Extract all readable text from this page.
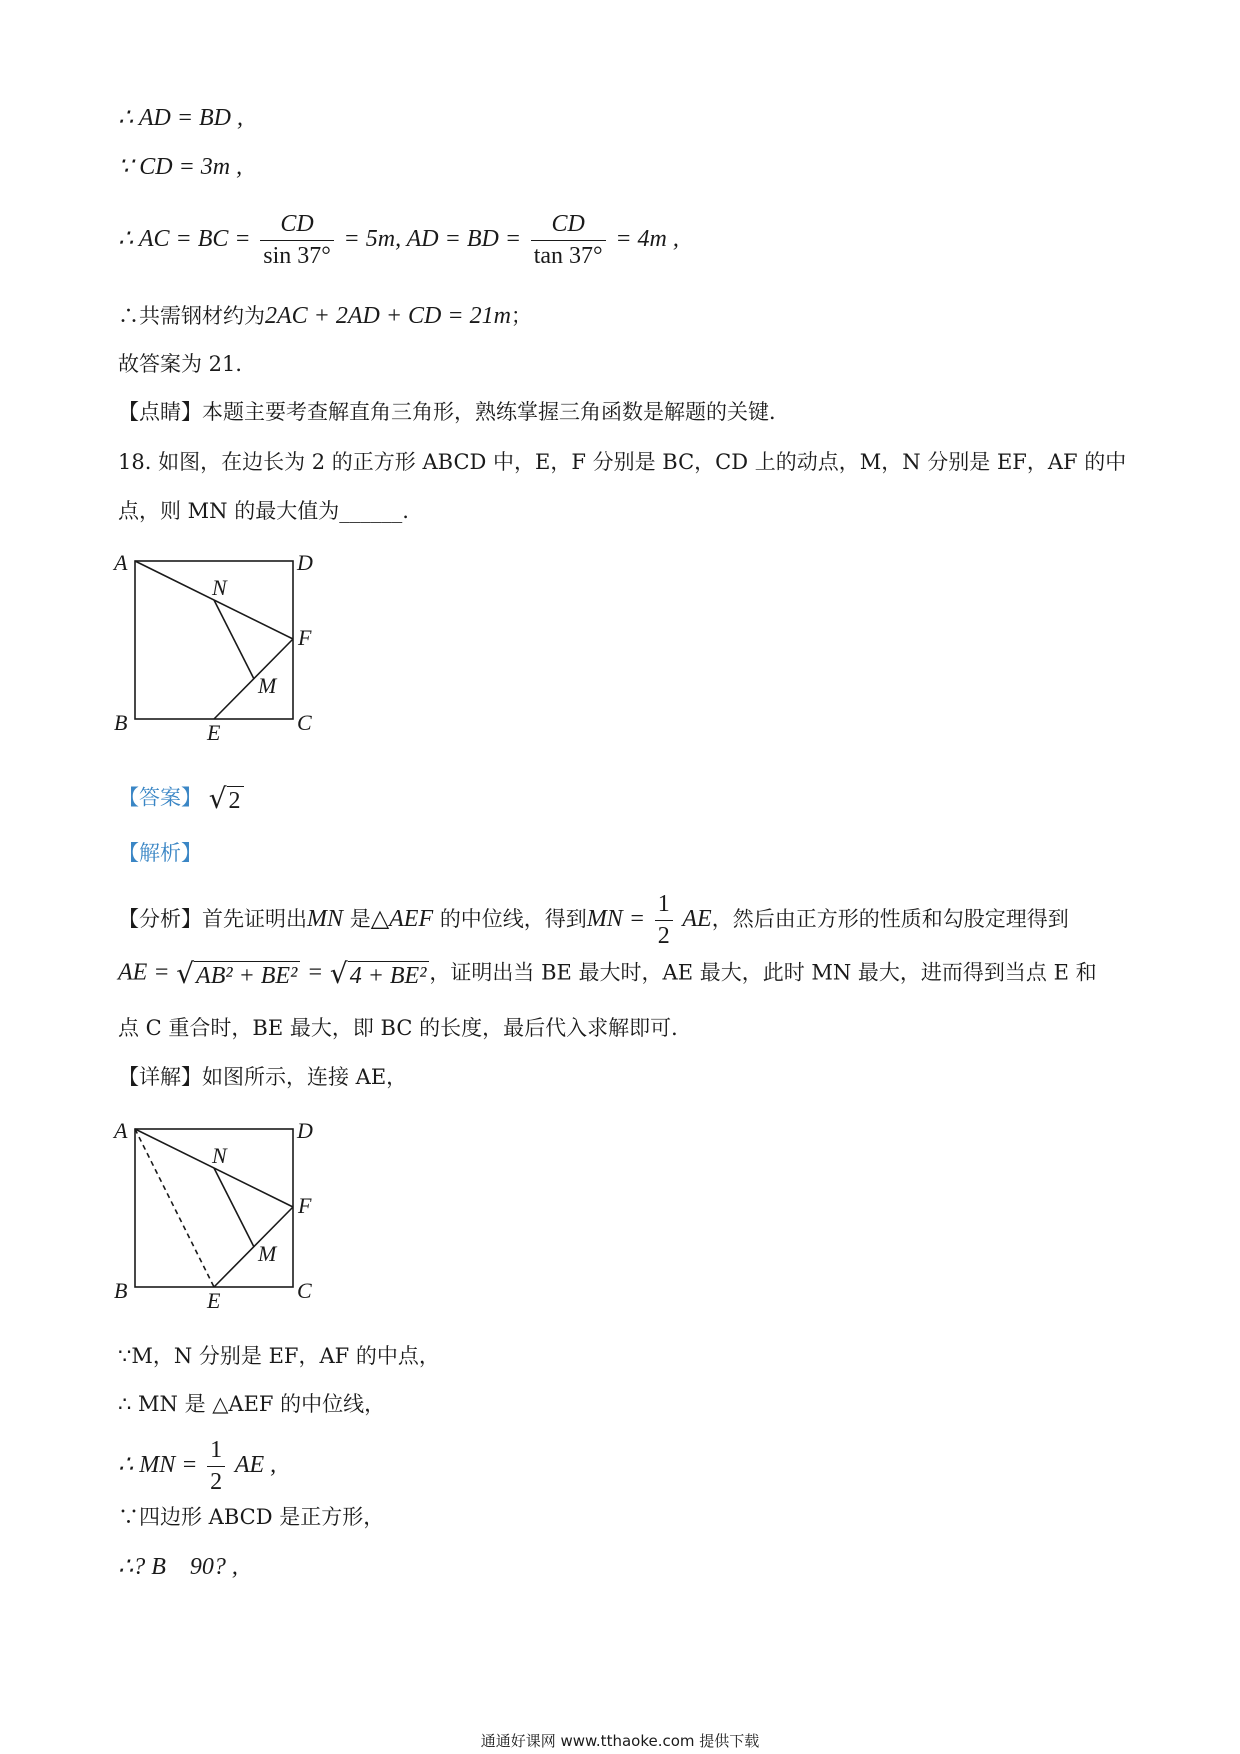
∴ AD = BD ,
∵ CD = 3m ,
∴ AC = BC = $\frac{CD}{\sin 37^\circ} = 5m$, AD = BD = $\frac{CD}{\tan 37^\circ} = 4m$ ,
∴共需钢材约为2AC + 2AD + CD = 21m；
故答案为 21．
【点睛】本题主要考查解直角三角形，熟练掌握三角函数是解题的关键．
18. 如图，在边长为 2 的正方形 ABCD 中，E，F 分别是 BC，CD 上的动点，M，N 分别是 EF，AF 的中
点，则 MN 的最大值为______.
A	D
B	C
E
F
M
N
【答案】 √2
【解析】
【分析】首先证明出MN 是△AEF 的中位线，得到MN = $\frac{1}{2}$ AE，然后由正方形的性质和勾股定理得到
AE = √AB² + BE² = √4 + BE² ，证明出当 BE 最大时，AE 最大，此时 MN 最大，进而得到当点 E 和
点 C 重合时，BE 最大，即 BC 的长度，最后代入求解即可．
【详解】如图所示，连接 AE，
A	D
B	C
E
F
M
N
∵M，N 分别是 EF，AF 的中点，
∴ MN 是 △AEF 的中位线，
∴ MN = $\frac{1}{2}$ AE ,
∵四边形 ABCD 是正方形，
∴? B　90? ,
通通好课网 www.tthaoke.com 提供下载
